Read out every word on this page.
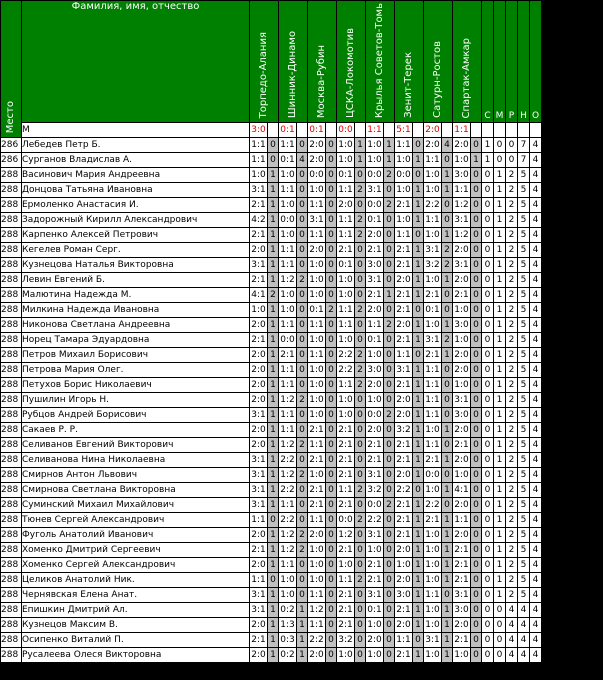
Место	Фамилия, имя, отчество	Торпедо-Алания		Шинник-Динамо		Москва-Рубин		ЦСКА-Локомотив		Крылья Советов-Томь		Зенит-Терек		Сатурн-Ростов		Спартак-Амкар		С	М	Р	Н	О
	М	3:0		0:1		0:1		0:0		1:1		5:1		2:0		1:1						
286	Лебедев Петр Б.	1:1	0	1:1	0	2:0	0	1:0	1	1:0	1	1:1	0	2:0	4	2:0	0	1	0	0	7	4
286	Сурганов Владислав А.	1:1	0	0:1	4	2:0	0	1:0	1	1:0	1	1:0	1	1:1	0	1:0	1	1	0	0	7	4
288	Васинович Мария Андреевна	1:0	1	1:0	0	0:0	0	0:1	0	0:0	2	0:0	0	1:0	1	3:0	0	0	1	2	5	4
288	Донцова Татьяна Ивановна	3:1	1	1:1	0	1:0	0	1:1	2	3:1	0	1:0	1	1:0	1	1:1	0	0	1	2	5	4
288	Ермоленко Анастасия И.	2:1	1	1:0	0	1:1	0	2:0	0	0:0	2	2:1	1	2:2	0	1:2	0	0	1	2	5	4
288	Задорожный Кирилл Александрович	4:2	1	0:0	0	3:1	0	1:1	2	0:1	0	1:0	1	1:1	0	3:1	0	0	1	2	5	4
288	Карпенко Алексей Петрович	2:1	1	1:0	0	1:1	0	1:1	2	2:0	0	1:1	0	1:0	1	1:2	0	0	1	2	5	4
288	Кегелев Роман Серг.	2:0	1	1:1	0	2:0	0	2:1	0	2:1	0	2:1	1	3:1	2	2:0	0	0	1	2	5	4
288	Кузнецова Наталья Викторовна	3:1	1	1:1	0	1:0	0	0:1	0	3:0	0	2:1	1	3:2	2	3:1	0	0	1	2	5	4
288	Левин Евгений Б.	2:1	1	1:2	2	1:0	0	1:0	0	3:1	0	2:0	1	1:0	1	2:0	0	0	1	2	5	4
288	Малютина Надежда М.	4:1	2	1:0	0	1:0	0	1:0	0	2:1	1	2:1	1	2:1	0	2:1	0	0	1	2	5	4
288	Милкина Надежда Ивановна	1:0	1	1:0	0	0:1	2	1:1	2	2:0	0	2:1	0	0:1	0	1:0	0	0	1	2	5	4
288	Никонова Светлана Андреевна	2:0	1	1:1	0	1:1	0	1:1	0	1:1	2	2:0	1	1:0	1	3:0	0	0	1	2	5	4
288	Норец Тамара Эдуардовна	2:1	1	0:0	0	1:0	0	1:0	0	0:1	0	2:1	1	3:1	2	1:0	0	0	1	2	5	4
288	Петров Михаил Борисович	2:0	1	2:1	0	1:1	0	2:2	2	1:0	0	1:1	0	2:1	1	2:0	0	0	1	2	5	4
288	Петрова Мария Олег.	2:0	1	1:1	0	1:0	0	2:2	2	3:0	0	3:1	1	1:1	0	2:0	0	0	1	2	5	4
288	Петухов Борис Николаевич	2:0	1	1:1	0	1:0	0	1:1	2	2:0	0	2:1	1	1:1	0	1:0	0	0	1	2	5	4
288	Пушилин Игорь Н.	2:0	1	1:2	2	1:0	0	1:0	0	1:0	0	2:0	1	1:1	0	3:1	0	0	1	2	5	4
288	Рубцов Андрей Борисович	3:1	1	1:1	0	1:0	0	1:0	0	0:0	2	2:0	1	1:1	0	3:0	0	0	1	2	5	4
288	Сакаев Р. Р.	2:0	1	1:1	0	2:1	0	2:1	0	2:0	0	3:2	1	1:0	1	2:0	0	0	1	2	5	4
288	Селиванов Евгений Викторович	2:0	1	1:2	2	1:1	0	2:1	0	2:1	0	2:1	1	1:1	0	2:1	0	0	1	2	5	4
288	Селиванова Нина Николаевна	3:1	1	2:2	0	2:1	0	2:1	0	2:1	0	2:1	1	2:1	1	2:0	0	0	1	2	5	4
288	Смирнов Антон Львович	3:1	1	1:2	2	1:0	0	2:1	0	3:1	0	2:0	1	0:0	0	1:0	0	0	1	2	5	4
288	Смирнова Светлана Викторовна	3:1	1	2:2	0	2:1	0	1:1	2	3:2	0	2:2	0	1:0	1	4:1	0	0	1	2	5	4
288	Суминский Михаил Михайлович	3:1	1	1:1	0	2:1	0	2:1	0	0:0	2	2:1	1	2:2	0	2:0	0	0	1	2	5	4
288	Тюнев Сергей Александрович	1:1	0	2:2	0	1:1	0	0:0	2	2:2	0	2:1	1	2:1	1	1:1	0	0	1	2	5	4
288	Фуголь Анатолий Иванович	2:0	1	1:2	2	2:0	0	1:2	0	3:1	0	2:1	1	1:0	1	2:0	0	0	1	2	5	4
288	Хоменко Дмитрий Сергеевич	2:1	1	1:2	2	1:0	0	2:1	0	1:0	0	2:0	1	1:0	1	2:1	0	0	1	2	5	4
288	Хоменко Сергей Александрович	2:0	1	1:1	0	1:0	0	1:0	0	2:1	0	1:0	1	1:0	1	2:1	0	0	1	2	5	4
288	Целиков Анатолий Ник.	1:1	0	1:0	0	1:0	0	1:1	2	2:1	0	2:0	1	1:0	1	2:1	0	0	1	2	5	4
288	Чернявская Елена Анат.	3:1	1	1:0	0	1:1	0	2:1	0	3:1	0	3:0	1	1:1	0	3:1	0	0	1	2	5	4
288	Епишкин Дмитрий Ал.	3:1	1	0:2	1	1:2	0	2:1	0	0:1	0	2:1	1	1:0	1	3:0	0	0	0	4	4	4
288	Кузнецов Максим В.	2:0	1	1:3	1	1:1	0	2:1	0	1:0	0	2:0	1	1:0	1	2:0	0	0	0	4	4	4
288	Осипенко Виталий П.	2:1	1	0:3	1	2:2	0	3:2	0	2:0	0	1:1	0	3:1	1	2:1	0	0	0	4	4	4
288	Русалеева Олеся Викторовна	2:0	1	0:2	1	2:0	0	1:0	0	1:0	0	2:1	1	1:0	1	1:0	0	0	0	4	4	4
